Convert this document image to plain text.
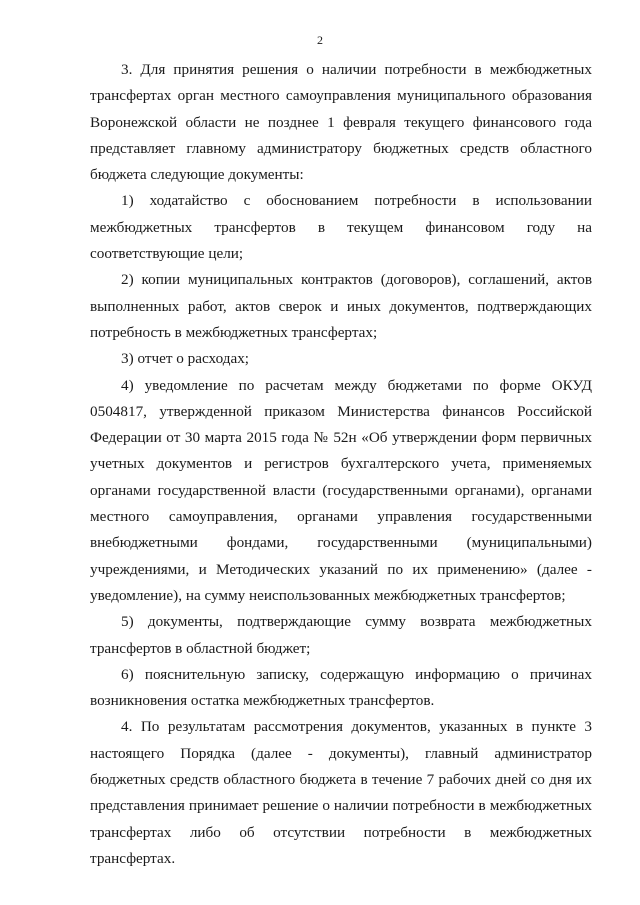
2

3. Для принятия решения о наличии потребности в межбюджетных трансфертах орган местного самоуправления муниципального образования Воронежской области не позднее 1 февраля текущего финансового года представляет главному администратору бюджетных средств областного бюджета следующие документы:

1) ходатайство с обоснованием потребности в использовании межбюджетных трансфертов в текущем финансовом году на соответствующие цели;

2) копии муниципальных контрактов (договоров), соглашений, актов выполненных работ, актов сверок и иных документов, подтверждающих потребность в межбюджетных трансфертах;

3) отчет о расходах;

4) уведомление по расчетам между бюджетами по форме ОКУД 0504817, утвержденной приказом Министерства финансов Российской Федерации от 30 марта 2015 года № 52н «Об утверждении форм первичных учетных документов и регистров бухгалтерского учета, применяемых органами государственной власти (государственными органами), органами местного самоуправления, органами управления государственными внебюджетными фондами, государственными (муниципальными) учреждениями, и Методических указаний по их применению» (далее - уведомление), на сумму неиспользованных межбюджетных трансфертов;

5) документы, подтверждающие сумму возврата межбюджетных трансфертов в областной бюджет;

6) пояснительную записку, содержащую информацию о причинах возникновения остатка межбюджетных трансфертов.

4. По результатам рассмотрения документов, указанных в пункте 3 настоящего Порядка (далее - документы), главный администратор бюджетных средств областного бюджета в течение 7 рабочих дней со дня их представления принимает решение о наличии потребности в межбюджетных трансфертах либо об отсутствии потребности в межбюджетных трансфертах.
